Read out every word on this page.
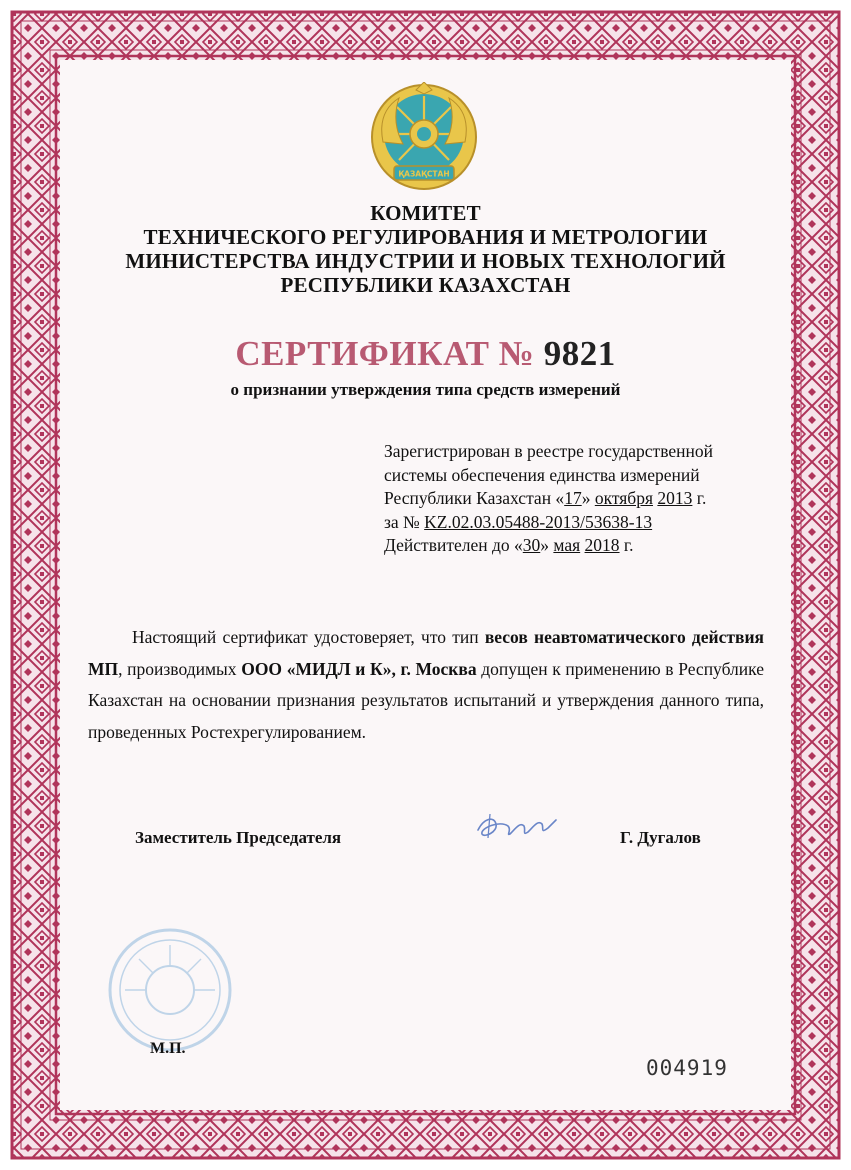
ҚАЗАҚСТАН
КОМИТЕТ
ТЕХНИЧЕСКОГО РЕГУЛИРОВАНИЯ И МЕТРОЛОГИИ
МИНИСТЕРСТВА ИНДУСТРИИ И НОВЫХ ТЕХНОЛОГИЙ
РЕСПУБЛИКИ КАЗАХСТАН
СЕРТИФИКАТ № 9821
о признании утверждения типа средств измерений
Зарегистрирован в реестре государственной
системы обеспечения единства измерений
Республики Казахстан «17» октября 2013 г.
за № KZ.02.03.05488-2013/53638-13
Действителен до «30» мая 2018 г.

Настоящий сертификат удостоверяет, что тип весов неавтоматического действия МП, производимых ООО «МИДЛ и К», г. Москва допущен к применению в Республике Казахстан на основании признания результатов испытаний и утверждения данного типа, проведенных Ростехрегулированием.

Заместитель Председателя	Г. Дугалов
М.П.
004919
